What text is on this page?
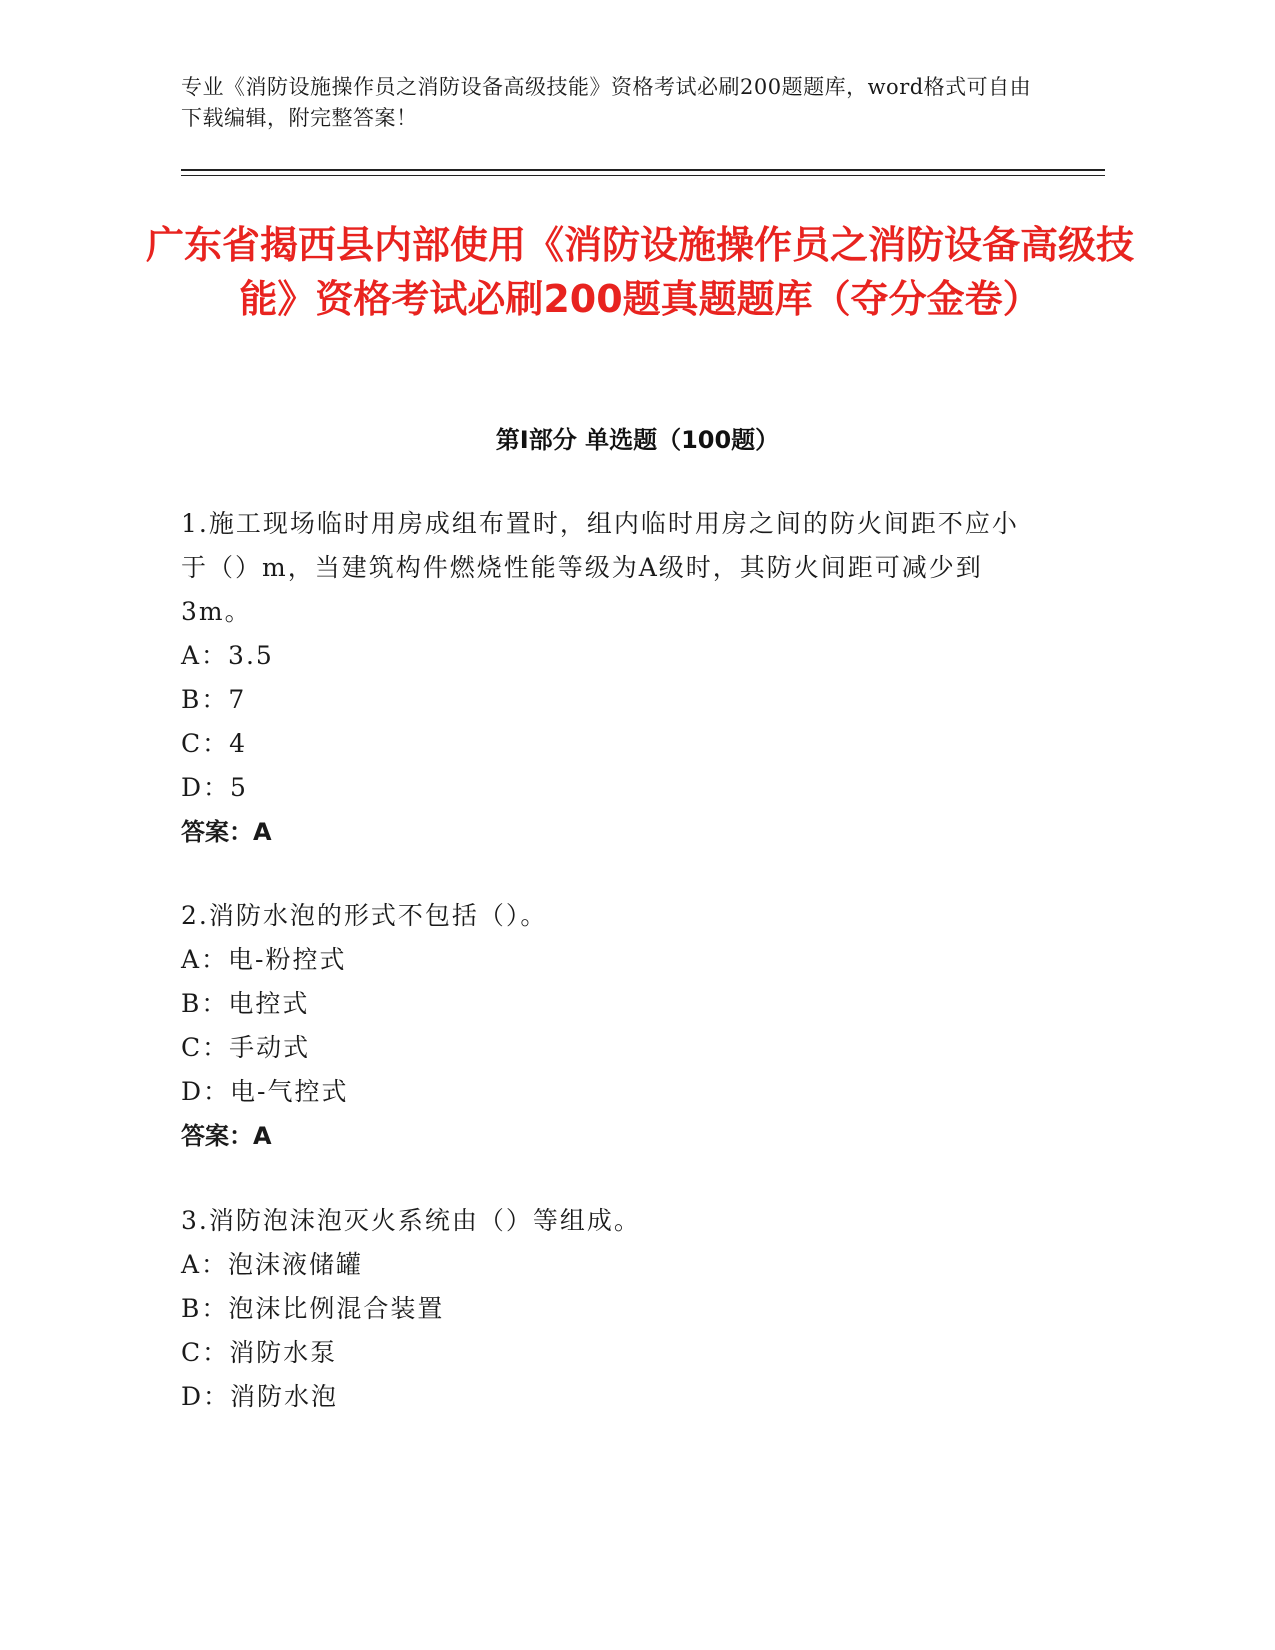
专业《消防设施操作员之消防设备高级技能》资格考试必刷200题题库，word格式可自由下载编辑，附完整答案！
广东省揭西县内部使用《消防设施操作员之消防设备高级技能》资格考试必刷200题真题题库（夺分金卷）
第I部分 单选题（100题）
1.施工现场临时用房成组布置时，组内临时用房之间的防火间距不应小于（）m，当建筑构件燃烧性能等级为A级时，其防火间距可减少到3m。
A：3.5
B：7
C：4
D：5
答案：A
2.消防水泡的形式不包括（）。
A：电-粉控式
B：电控式
C：手动式
D：电-气控式
答案：A
3.消防泡沫泡灭火系统由（）等组成。
A：泡沫液储罐
B：泡沫比例混合装置
C：消防水泵
D：消防水泡
